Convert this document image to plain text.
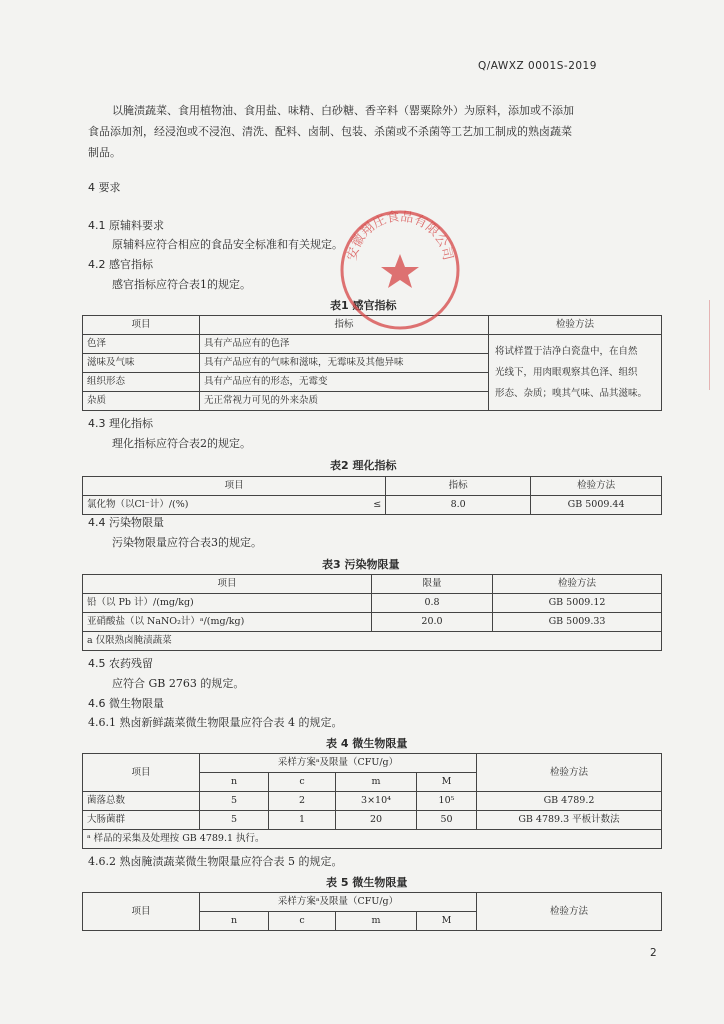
Q/AWXZ 0001S-2019
以腌渍蔬菜、食用植物油、食用盐、味精、白砂糖、香辛料（罂粟除外）为原料，添加或不添加
食品添加剂，经浸泡或不浸泡、清洗、配料、卤制、包装、杀菌或不杀菌等工艺加工制成的熟卤蔬菜
制品。
4 要求
4.1 原辅料要求
原辅料应符合相应的食品安全标准和有关规定。
4.2 感官指标
感官指标应符合表1的规定。
表1 感官指标
项目	指标	检验方法
色泽	具有产品应有的色泽	将试样置于洁净白瓷盘中，在自然
光线下，用肉眼观察其色泽、组织
形态、杂质；嗅其气味、品其滋味。

滋味及气味	具有产品应有的气味和滋味，无霉味及其他异味	
组织形态	具有产品应有的形态，无霉变	
杂质	无正常视力可见的外来杂质	
4.3 理化指标
理化指标应符合表2的规定。
表2 理化指标
项目		指标	检验方法
氯化物（以Cl⁻计）/(%)	≤	8.0	GB 5009.44
4.4 污染物限量
污染物限量应符合表3的规定。
表3 污染物限量
项目	限量	检验方法
铅（以 Pb 计）/(mg/kg)	0.8	GB 5009.12
亚硝酸盐（以 NaNO₂计）ᵃ/(mg/kg)	20.0	GB 5009.33
a 仅限熟卤腌渍蔬菜		
4.5 农药残留
应符合 GB 2763 的规定。
4.6 微生物限量
4.6.1 熟卤新鲜蔬菜微生物限量应符合表 4 的规定。
表 4 微生物限量
项目	采样方案ᵃ及限量（CFU/g）				检验方法
	n	c	m	M	
菌落总数	5	2	3×10⁴	10⁵	GB 4789.2
大肠菌群	5	1	20	50	GB 4789.3 平板计数法
ᵃ 样品的采集及处理按 GB 4789.1 执行。					
4.6.2 熟卤腌渍蔬菜微生物限量应符合表 5 的规定。
表 5 微生物限量
项目	采样方案ᵃ及限量（CFU/g）				检验方法
	n	c	m	M	
2
安徽翔庄食品有限公司
